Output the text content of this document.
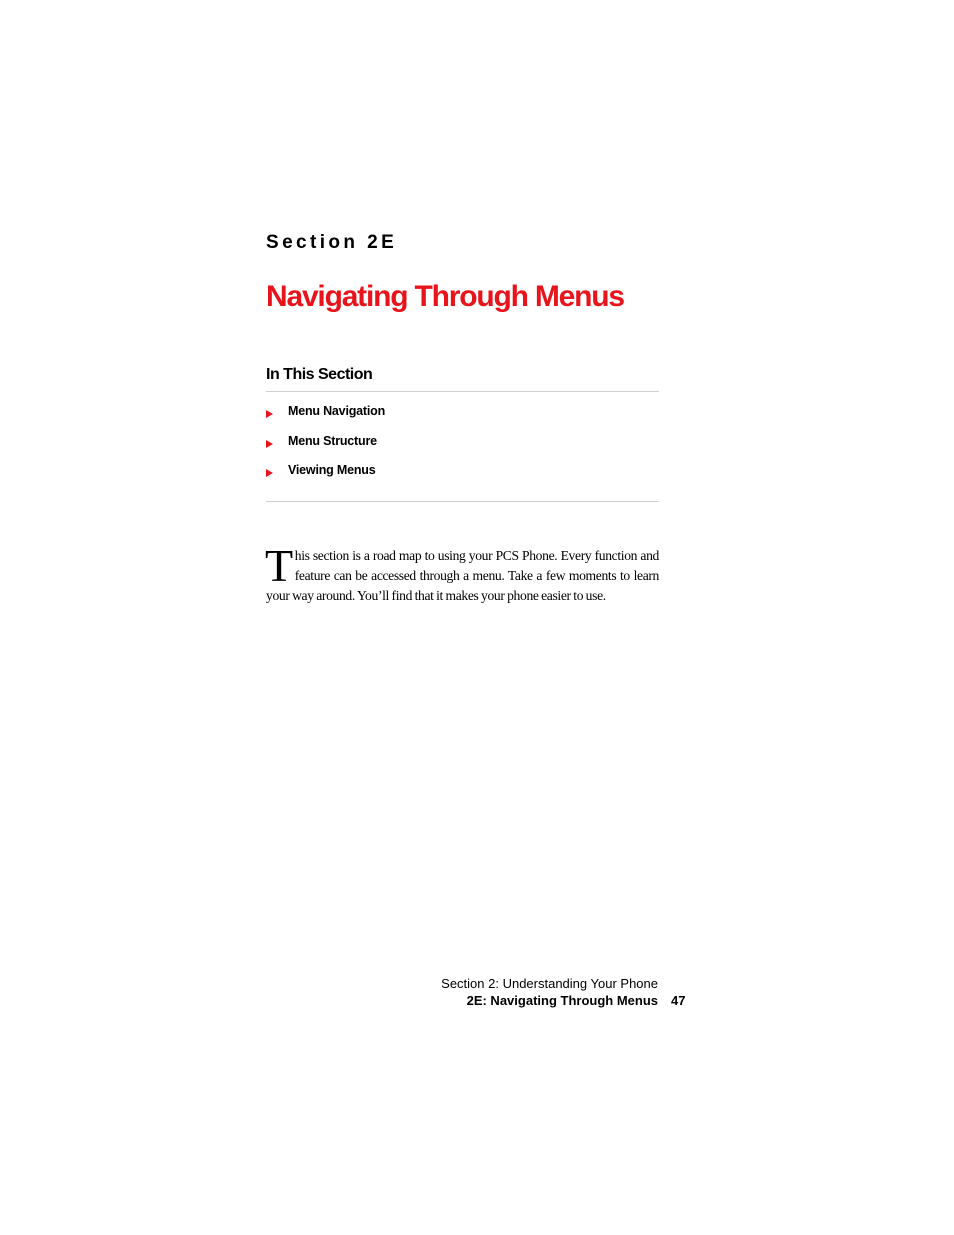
Section 2E
Navigating Through Menus
In This Section
Menu Navigation
Menu Structure
Viewing Menus

This section is a road map to using your PCS Phone. Every function and feature can be accessed through a menu. Take a few moments to learn your way around. You’ll find that it makes your phone easier to use.

Section 2: Understanding Your Phone
2E: Navigating Through Menus 47
